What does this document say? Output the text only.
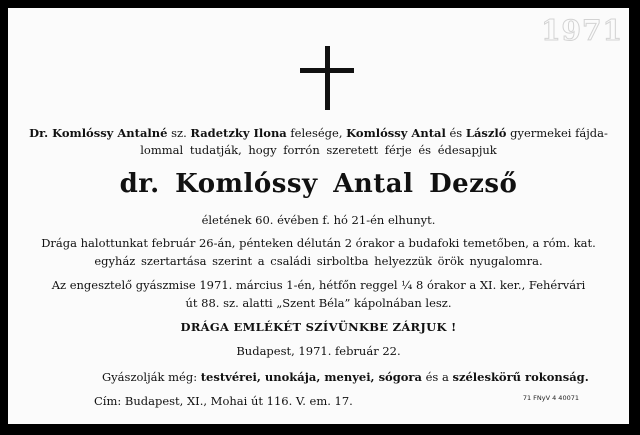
1971
Dr. Komlóssy Antalné sz. Radetzky Ilona felesége, Komlóssy Antal és László gyermekei fájda-
lommal tudatják, hogy forrón szeretett férje és édesapjuk
dr. Komlóssy Antal Dezső
életének 60. évében f. hó 21-én elhunyt.
Drága halottunkat február 26-án, pénteken délután 2 órakor a budafoki temetőben, a róm. kat.
egyház szertartása szerint a családi sirboltba helyezzük örök nyugalomra.
Az engesztelő gyászmise 1971. március 1-én, hétfőn reggel ¼ 8 órakor a XI. ker., Fehérvári
út 88. sz. alatti „Szent Béla” kápolnában lesz.
DRÁGA EMLÉKÉT SZÍVÜNKBE ZÁRJUK !
Budapest, 1971. február 22.
Gyászolják még: testvérei, unokája, menyei, sógora és a széleskörű rokonság.
Cím: Budapest, XI., Mohai út 116. V. em. 17.	71 FNyV 4 40071
